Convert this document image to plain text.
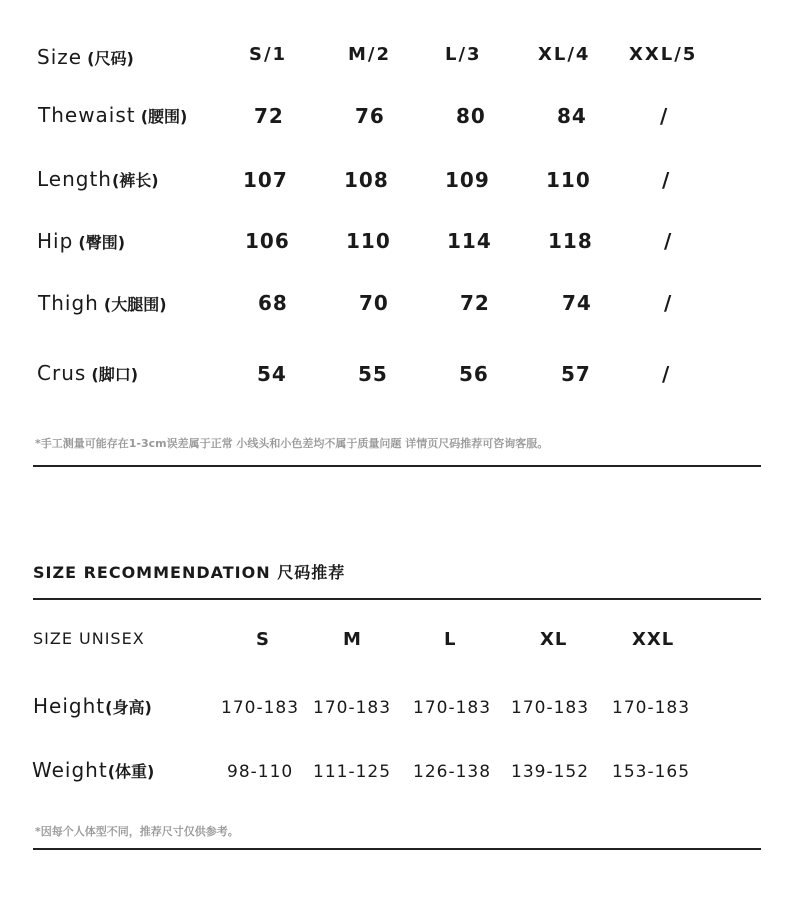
Size (尺码)	S/1	M/2	L/3	XL/4 XXL/5
Thewaist (腰围)	72	76	80	84	/
Length(裤长)	107	108	109	110	/
Hip (臀围)	106	110	114	118	/
Thigh (大腿围)	68	70	72	74	/
Crus (脚口)	54	55	56	57	/
*手工测量可能存在1-3cm误差属于正常 小线头和小色差均不属于质量问题 详情页尺码推荐可咨询客服。
SIZE RECOMMENDATION 尺码推荐
SIZE UNISEX	S	M	L	XL	XXL
Height(身高)	170-183 170-183 170-183 170-183 170-183
Weight(体重)	98-110 111-125 126-138 139-152 153-165
*因每个人体型不同，推荐尺寸仅供参考。
